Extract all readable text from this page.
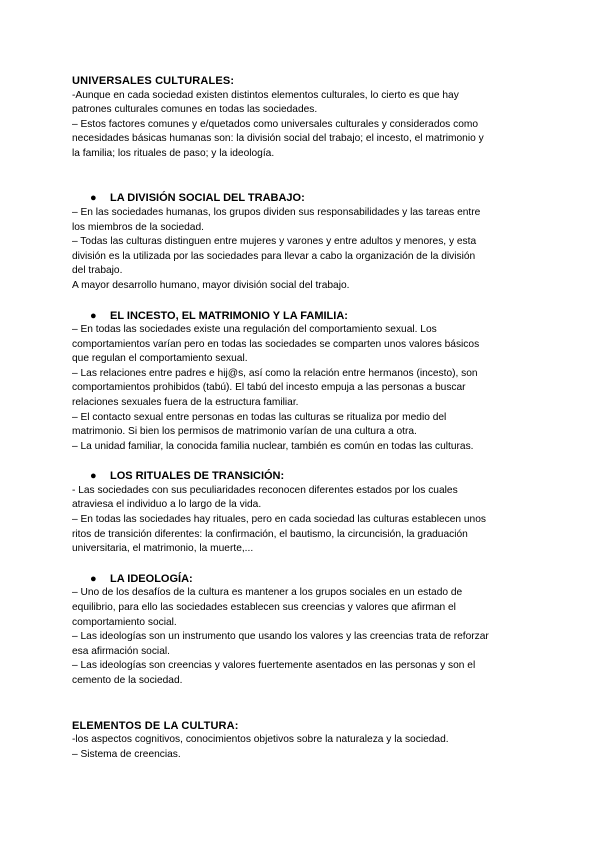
UNIVERSALES CULTURALES:

-Aunque en cada sociedad existen distintos elementos culturales, lo cierto es que hay

patrones culturales comunes en todas las sociedades.

– Estos factores comunes y e/quetados como universales culturales y considerados como

necesidades básicas humanas son: la división social del trabajo; el incesto, el matrimonio y

la familia; los rituales de paso; y la ideología.

●	LA DIVISIÓN SOCIAL DEL TRABAJO:

– En las sociedades humanas, los grupos dividen sus responsabilidades y las tareas entre

los miembros de la sociedad.

– Todas las culturas distinguen entre mujeres y varones y entre adultos y menores, y esta

división es la utilizada por las sociedades para llevar a cabo la organización de la división

del trabajo.

A mayor desarrollo humano, mayor división social del trabajo.

●	EL INCESTO, EL MATRIMONIO Y LA FAMILIA:

– En todas las sociedades existe una regulación del comportamiento sexual. Los

comportamientos varían pero en todas las sociedades se comparten unos valores básicos

que regulan el comportamiento sexual.

– Las relaciones entre padres e hij@s, así como la relación entre hermanos (incesto), son

comportamientos prohibidos (tabú). El tabú del incesto empuja a las personas a buscar

relaciones sexuales fuera de la estructura familiar.

– El contacto sexual entre personas en todas las culturas se ritualiza por medio del

matrimonio. Si bien los permisos de matrimonio varían de una cultura a otra.

– La unidad familiar, la conocida familia nuclear, también es común en todas las culturas.

●	LOS RITUALES DE TRANSICIÓN:

- Las sociedades con sus peculiaridades reconocen diferentes estados por los cuales

atraviesa el individuo a lo largo de la vida.

– En todas las sociedades hay rituales, pero en cada sociedad las culturas establecen unos

ritos de transición diferentes: la confirmación, el bautismo, la circuncisión, la graduación

universitaria, el matrimonio, la muerte,...

●	LA IDEOLOGÍA:

– Uno de los desafíos de la cultura es mantener a los grupos sociales en un estado de

equilibrio, para ello las sociedades establecen sus creencias y valores que afirman el

comportamiento social.

– Las ideologías son un instrumento que usando los valores y las creencias trata de reforzar

esa afirmación social.

– Las ideologías son creencias y valores fuertemente asentados en las personas y son el

cemento de la sociedad.

ELEMENTOS DE LA CULTURA:

-los aspectos cognitivos, conocimientos objetivos sobre la naturaleza y la sociedad.

– Sistema de creencias.
